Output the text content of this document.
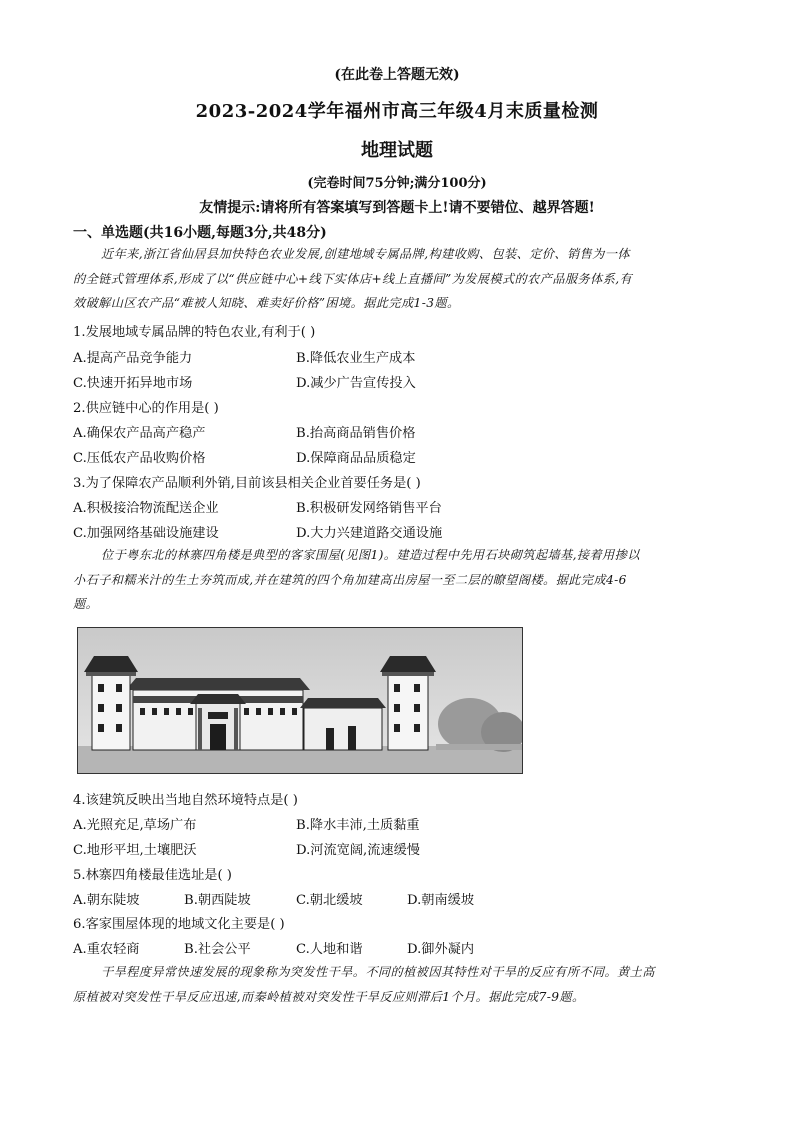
(在此卷上答题无效)
2023-2024学年福州市高三年级4月末质量检测
地理试题
(完卷时间75分钟;满分100分)
友情提示:请将所有答案填写到答题卡上!请不要错位、越界答题!
一、单选题(共16小题,每题3分,共48分)
近年来,浙江省仙居县加快特色农业发展,创建地域专属品牌,构建收购、包装、定价、销售为一体
的全链式管理体系,形成了以“供应链中心+线下实体店+线上直播间”为发展模式的农产品服务体系,有
效破解山区农产品“难被人知晓、难卖好价格”困境。据此完成1-3题。
1.发展地域专属品牌的特色农业,有利于( )
A.提高产品竞争能力	B.降低农业生产成本
C.快速开拓异地市场	D.减少广告宣传投入
2.供应链中心的作用是( )
A.确保农产品高产稳产	B.抬高商品销售价格
C.压低农产品收购价格	D.保障商品品质稳定
3.为了保障农产品顺利外销,目前该县相关企业首要任务是( )
A.积极接洽物流配送企业	B.积极研发网络销售平台
C.加强网络基础设施建设	D.大力兴建道路交通设施
位于粤东北的林寨四角楼是典型的客家围屋(见图1)。建造过程中先用石块砌筑起墙基,接着用掺以
小石子和糯米汁的生土夯筑而成,并在建筑的四个角加建高出房屋一至二层的瞭望阁楼。据此完成4-6
题。
4.该建筑反映出当地自然环境特点是( )
A.光照充足,草场广布	B.降水丰沛,土质黏重
C.地形平坦,土壤肥沃	D.河流宽阔,流速缓慢
5.林寨四角楼最佳选址是( )
A.朝东陡坡	B.朝西陡坡	C.朝北缓坡	D.朝南缓坡
6.客家围屋体现的地域文化主要是( )
A.重农轻商	B.社会公平	C.人地和谐	D.御外凝内
干旱程度异常快速发展的现象称为突发性干旱。不同的植被因其特性对干旱的反应有所不同。黄土高
原植被对突发性干旱反应迅速,而秦岭植被对突发性干旱反应则滞后1个月。据此完成7-9题。
